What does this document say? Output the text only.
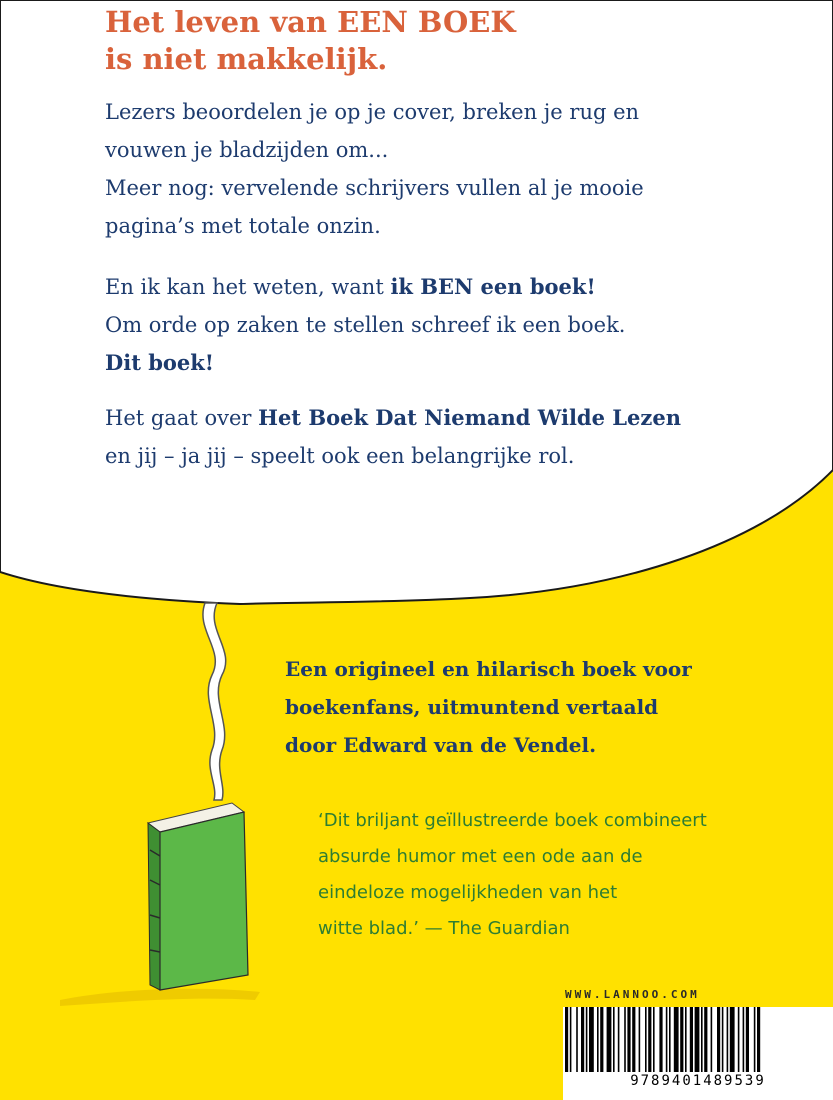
Het leven van EEN BOEK
is niet makkelijk.
Lezers beoordelen je op je cover, breken je rug en
vouwen je bladzijden om...
Meer nog: vervelende schrijvers vullen al je mooie
pagina’s met totale onzin.
En ik kan het weten, want ik BEN een boek!
Om orde op zaken te stellen schreef ik een boek.
Dit boek!
Het gaat over Het Boek Dat Niemand Wilde Lezen
en jij – ja jij – speelt ook een belangrijke rol.
Een origineel en hilarisch boek voor
boekenfans, uitmuntend vertaald
door Edward van de Vendel.
‘Dit briljant geïllustreerde boek combineert
absurde humor met een ode aan de
eindeloze mogelijkheden van het
witte blad.’ — The Guardian
WWW.LANNOO.COM
9789401489539
